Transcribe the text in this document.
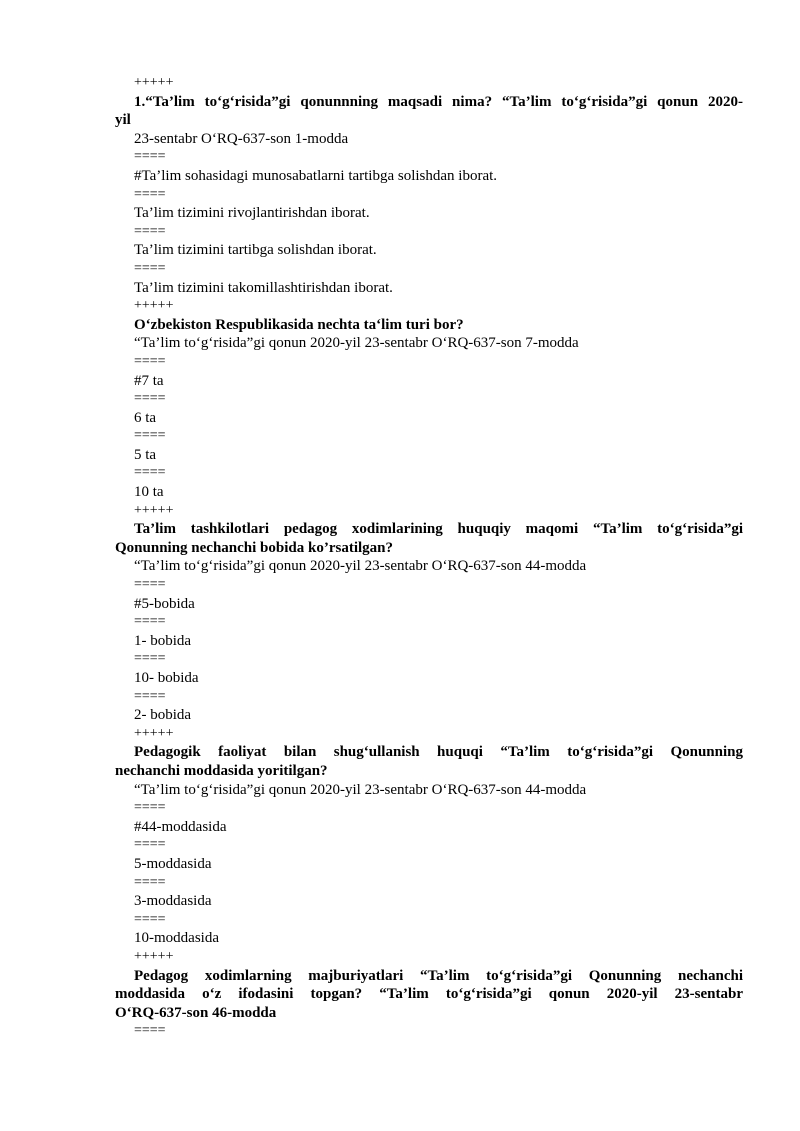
+++++
1.“Ta’lim to‘g‘risida”gi qonunnning maqsadi nima? “Ta’lim to‘g‘risida”gi qonun 2020-
yil
23-sentabr O‘RQ-637-son 1-modda
====
#Ta’lim sohasidagi munosabatlarni tartibga solishdan iborat.
====
Ta’lim tizimini rivojlantirishdan iborat.
====
Ta’lim tizimini tartibga solishdan iborat.
====
Ta’lim tizimini takomillashtirishdan iborat.
+++++
O‘zbekiston Respublikasida nechta ta‘lim turi bor?
“Ta’lim to‘g‘risida”gi qonun 2020-yil 23-sentabr O‘RQ-637-son 7-modda
====
#7 ta
====
6 ta
====
5 ta
====
10 ta
+++++
Ta’lim tashkilotlari pedagog xodimlarining huquqiy maqomi “Ta’lim to‘g‘risida”gi
Qonunning nechanchi bobida ko’rsatilgan?
“Ta’lim to‘g‘risida”gi qonun 2020-yil 23-sentabr O‘RQ-637-son 44-modda
====
#5-bobida
====
1- bobida
====
10- bobida
====
2- bobida
+++++
Pedagogik faoliyat bilan shug‘ullanish huquqi “Ta’lim to‘g‘risida”gi Qonunning
nechanchi moddasida yoritilgan?
“Ta’lim to‘g‘risida”gi qonun 2020-yil 23-sentabr O‘RQ-637-son 44-modda
====
#44-moddasida
====
5-moddasida
====
3-moddasida
====
10-moddasida
+++++
Pedagog xodimlarning majburiyatlari “Ta’lim to‘g‘risida”gi Qonunning nechanchi
moddasida o‘z ifodasini topgan? “Ta’lim to‘g‘risida”gi qonun 2020-yil 23-sentabr
O‘RQ-637-son 46-modda
====
